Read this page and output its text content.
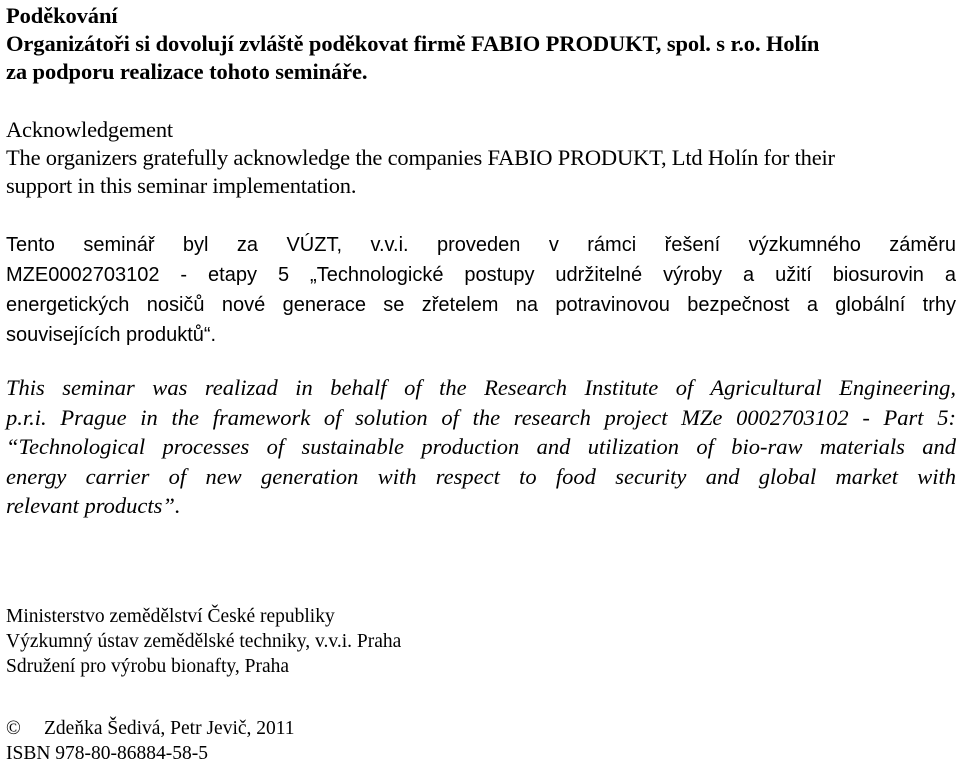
Poděkování
Organizátoři si dovolují zvláště poděkovat firmě FABIO PRODUKT, spol. s r.o. Holín
za podporu realizace tohoto semináře.
Acknowledgement
The organizers gratefully acknowledge the companies FABIO PRODUKT, Ltd Holín for their
support in this seminar implementation.
Tento seminář byl za VÚZT, v.v.i. proveden v rámci řešení výzkumného záměru
MZE0002703102 - etapy 5 „Technologické postupy udržitelné výroby a užití biosurovin a
energetických nosičů nové generace se zřetelem na potravinovou bezpečnost a globální trhy
souvisejících produktů“.
This seminar was realizad in behalf of the Research Institute of Agricultural Engineering,
p.r.i. Prague in the framework of solution of the research project MZe 0002703102 - Part 5:
“Technological processes of sustainable production and utilization of bio-raw materials and
energy carrier of new generation with respect to food security and global market with
relevant products”.
Ministerstvo zemědělství České republiky
Výzkumný ústav zemědělské techniky, v.v.i. Praha
Sdružení pro výrobu bionafty, Praha
© Zdeňka Šedivá, Petr Jevič, 2011
ISBN 978-80-86884-58-5
